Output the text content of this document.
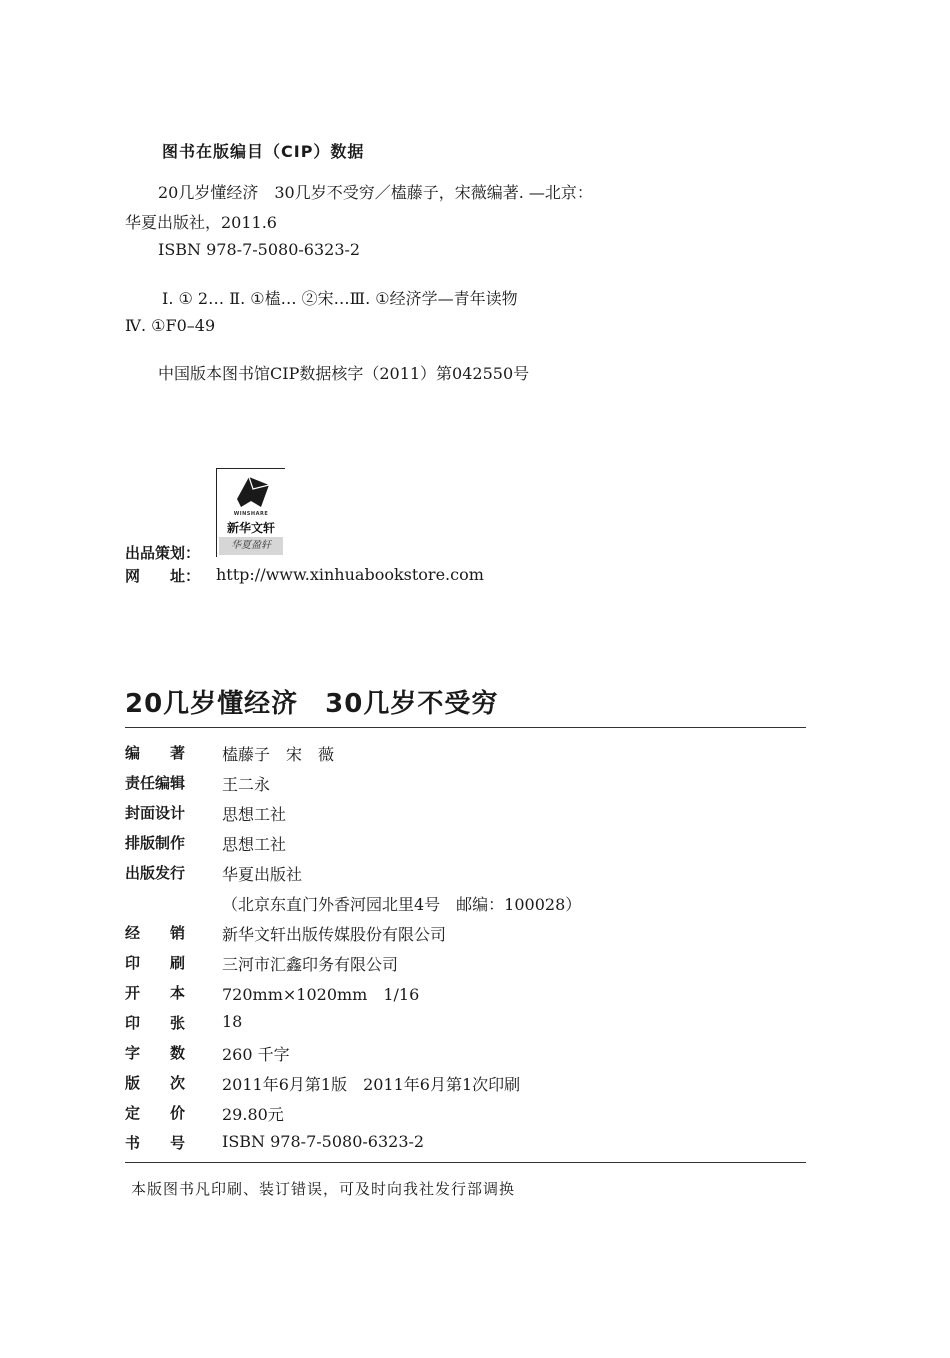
图书在版编目（CIP）数据
20几岁懂经济　30几岁不受穷／榼藤子，宋薇编著. —北京：
华夏出版社，2011.6
ISBN 978-7-5080-6323-2
Ⅰ. ① 2… Ⅱ. ①榼… ②宋…Ⅲ. ①经济学—青年读物
Ⅳ. ①F0–49
中国版本图书馆CIP数据核字（2011）第042550号
WINSHARE
新华文轩
华夏盈轩
出品策划：
网　　址： http://www.xinhuabookstore.com
20几岁懂经济　30几岁不受穷
编　　著 榼藤子　宋　薇
责任编辑 王二永
封面设计 思想工社
排版制作 思想工社
出版发行 华夏出版社
（北京东直门外香河园北里4号　邮编：100028）
经　　销 新华文轩出版传媒股份有限公司
印　　刷 三河市汇鑫印务有限公司
开　　本 720mm×1020mm　1/16
印　　张 18
字　　数 260 千字
版　　次 2011年6月第1版　2011年6月第1次印刷
定　　价 29.80元
书　　号 ISBN 978-7-5080-6323-2
本版图书凡印刷、装订错误，可及时向我社发行部调换
